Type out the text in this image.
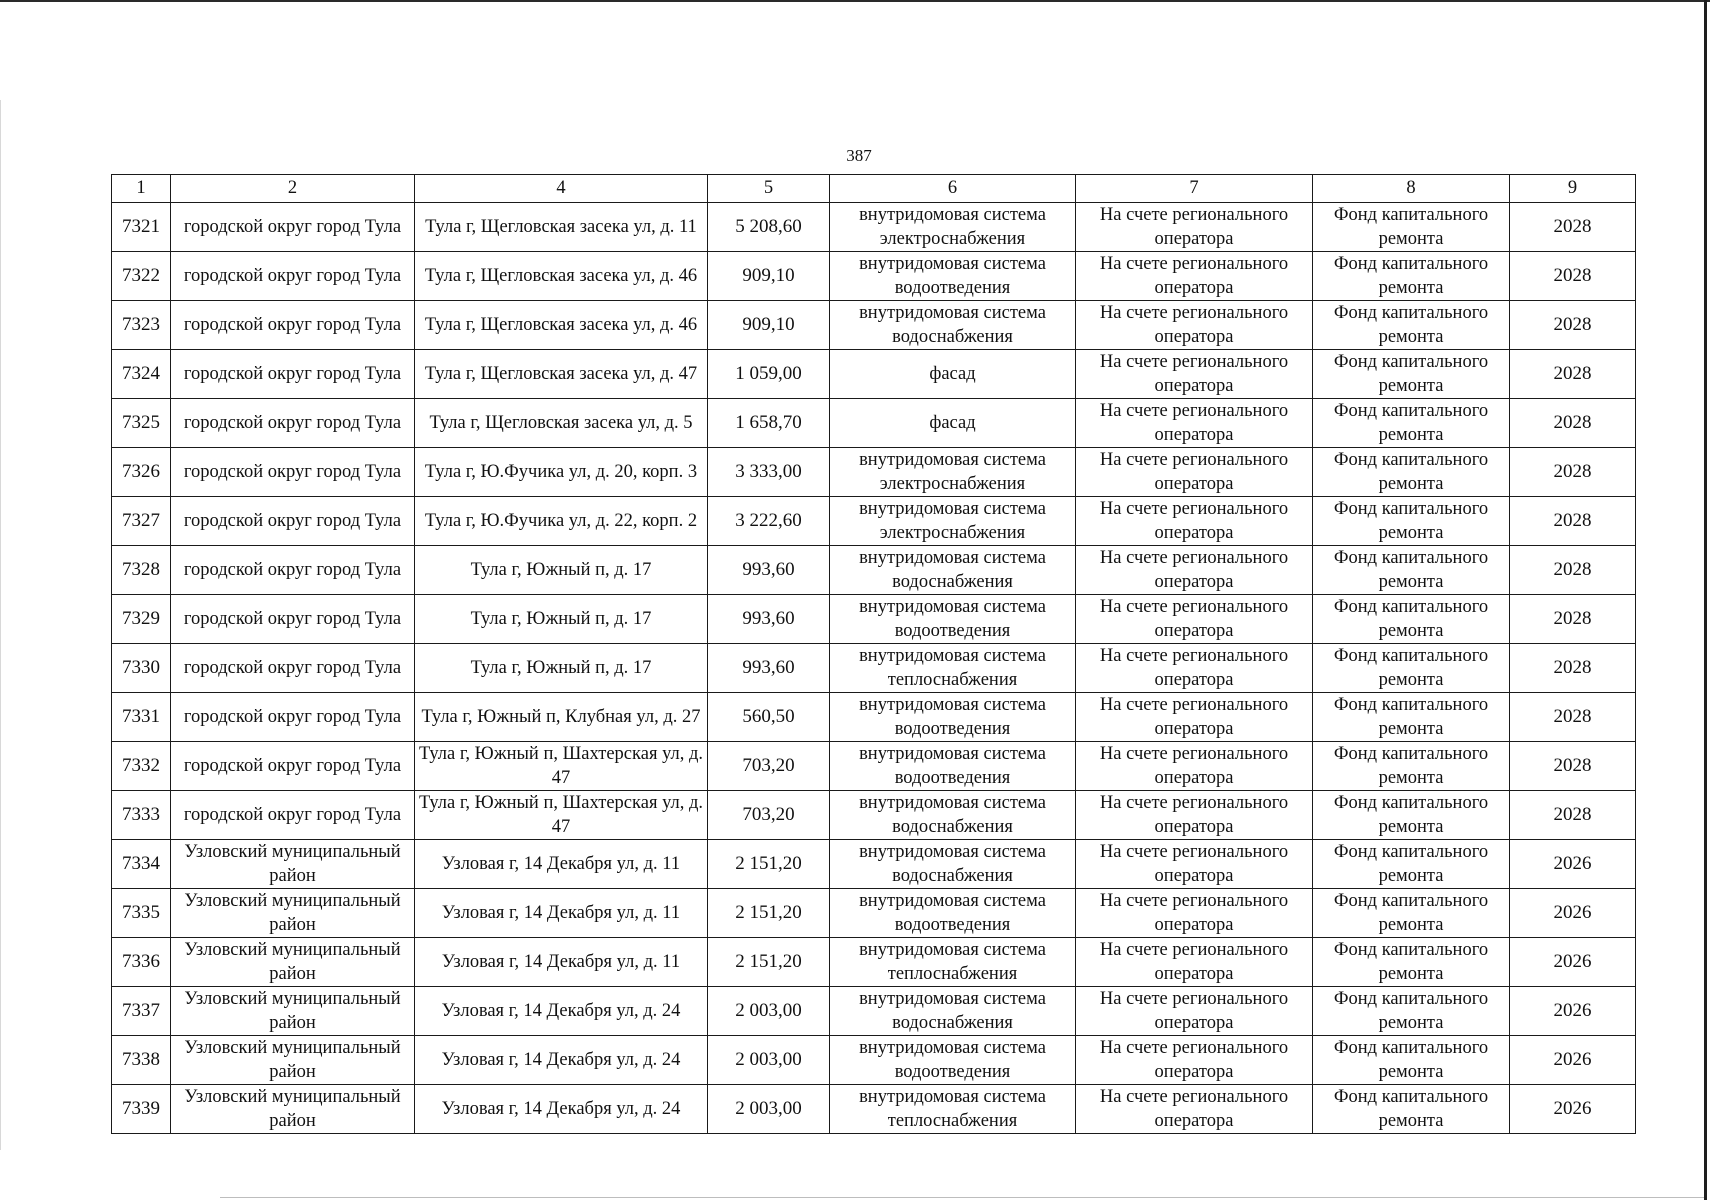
387
1	2	4	5	6	7	8	9
7321	городской округ город Тула	Тула г, Щегловская засека ул, д. 11	5 208,60	внутридомовая система электроснабжения	На счете регионального оператора	Фонд капитального ремонта	2028
7322	городской округ город Тула	Тула г, Щегловская засека ул, д. 46	909,10	внутридомовая система водоотведения	На счете регионального оператора	Фонд капитального ремонта	2028
7323	городской округ город Тула	Тула г, Щегловская засека ул, д. 46	909,10	внутридомовая система водоснабжения	На счете регионального оператора	Фонд капитального ремонта	2028
7324	городской округ город Тула	Тула г, Щегловская засека ул, д. 47	1 059,00	фасад	На счете регионального оператора	Фонд капитального ремонта	2028
7325	городской округ город Тула	Тула г, Щегловская засека ул, д. 5	1 658,70	фасад	На счете регионального оператора	Фонд капитального ремонта	2028
7326	городской округ город Тула	Тула г, Ю.Фучика ул, д. 20, корп. 3	3 333,00	внутридомовая система электроснабжения	На счете регионального оператора	Фонд капитального ремонта	2028
7327	городской округ город Тула	Тула г, Ю.Фучика ул, д. 22, корп. 2	3 222,60	внутридомовая система электроснабжения	На счете регионального оператора	Фонд капитального ремонта	2028
7328	городской округ город Тула	Тула г, Южный п, д. 17	993,60	внутридомовая система водоснабжения	На счете регионального оператора	Фонд капитального ремонта	2028
7329	городской округ город Тула	Тула г, Южный п, д. 17	993,60	внутридомовая система водоотведения	На счете регионального оператора	Фонд капитального ремонта	2028
7330	городской округ город Тула	Тула г, Южный п, д. 17	993,60	внутридомовая система теплоснабжения	На счете регионального оператора	Фонд капитального ремонта	2028
7331	городской округ город Тула	Тула г, Южный п, Клубная ул, д. 27	560,50	внутридомовая система водоотведения	На счете регионального оператора	Фонд капитального ремонта	2028
7332	городской округ город Тула	Тула г, Южный п, Шахтерская ул, д. 47	703,20	внутридомовая система водоотведения	На счете регионального оператора	Фонд капитального ремонта	2028
7333	городской округ город Тула	Тула г, Южный п, Шахтерская ул, д. 47	703,20	внутридомовая система водоснабжения	На счете регионального оператора	Фонд капитального ремонта	2028
7334	Узловский муниципальный район	Узловая г, 14 Декабря ул, д. 11	2 151,20	внутридомовая система водоснабжения	На счете регионального оператора	Фонд капитального ремонта	2026
7335	Узловский муниципальный район	Узловая г, 14 Декабря ул, д. 11	2 151,20	внутридомовая система водоотведения	На счете регионального оператора	Фонд капитального ремонта	2026
7336	Узловский муниципальный район	Узловая г, 14 Декабря ул, д. 11	2 151,20	внутридомовая система теплоснабжения	На счете регионального оператора	Фонд капитального ремонта	2026
7337	Узловский муниципальный район	Узловая г, 14 Декабря ул, д. 24	2 003,00	внутридомовая система водоснабжения	На счете регионального оператора	Фонд капитального ремонта	2026
7338	Узловский муниципальный район	Узловая г, 14 Декабря ул, д. 24	2 003,00	внутридомовая система водоотведения	На счете регионального оператора	Фонд капитального ремонта	2026
7339	Узловский муниципальный район	Узловая г, 14 Декабря ул, д. 24	2 003,00	внутридомовая система теплоснабжения	На счете регионального оператора	Фонд капитального ремонта	2026
